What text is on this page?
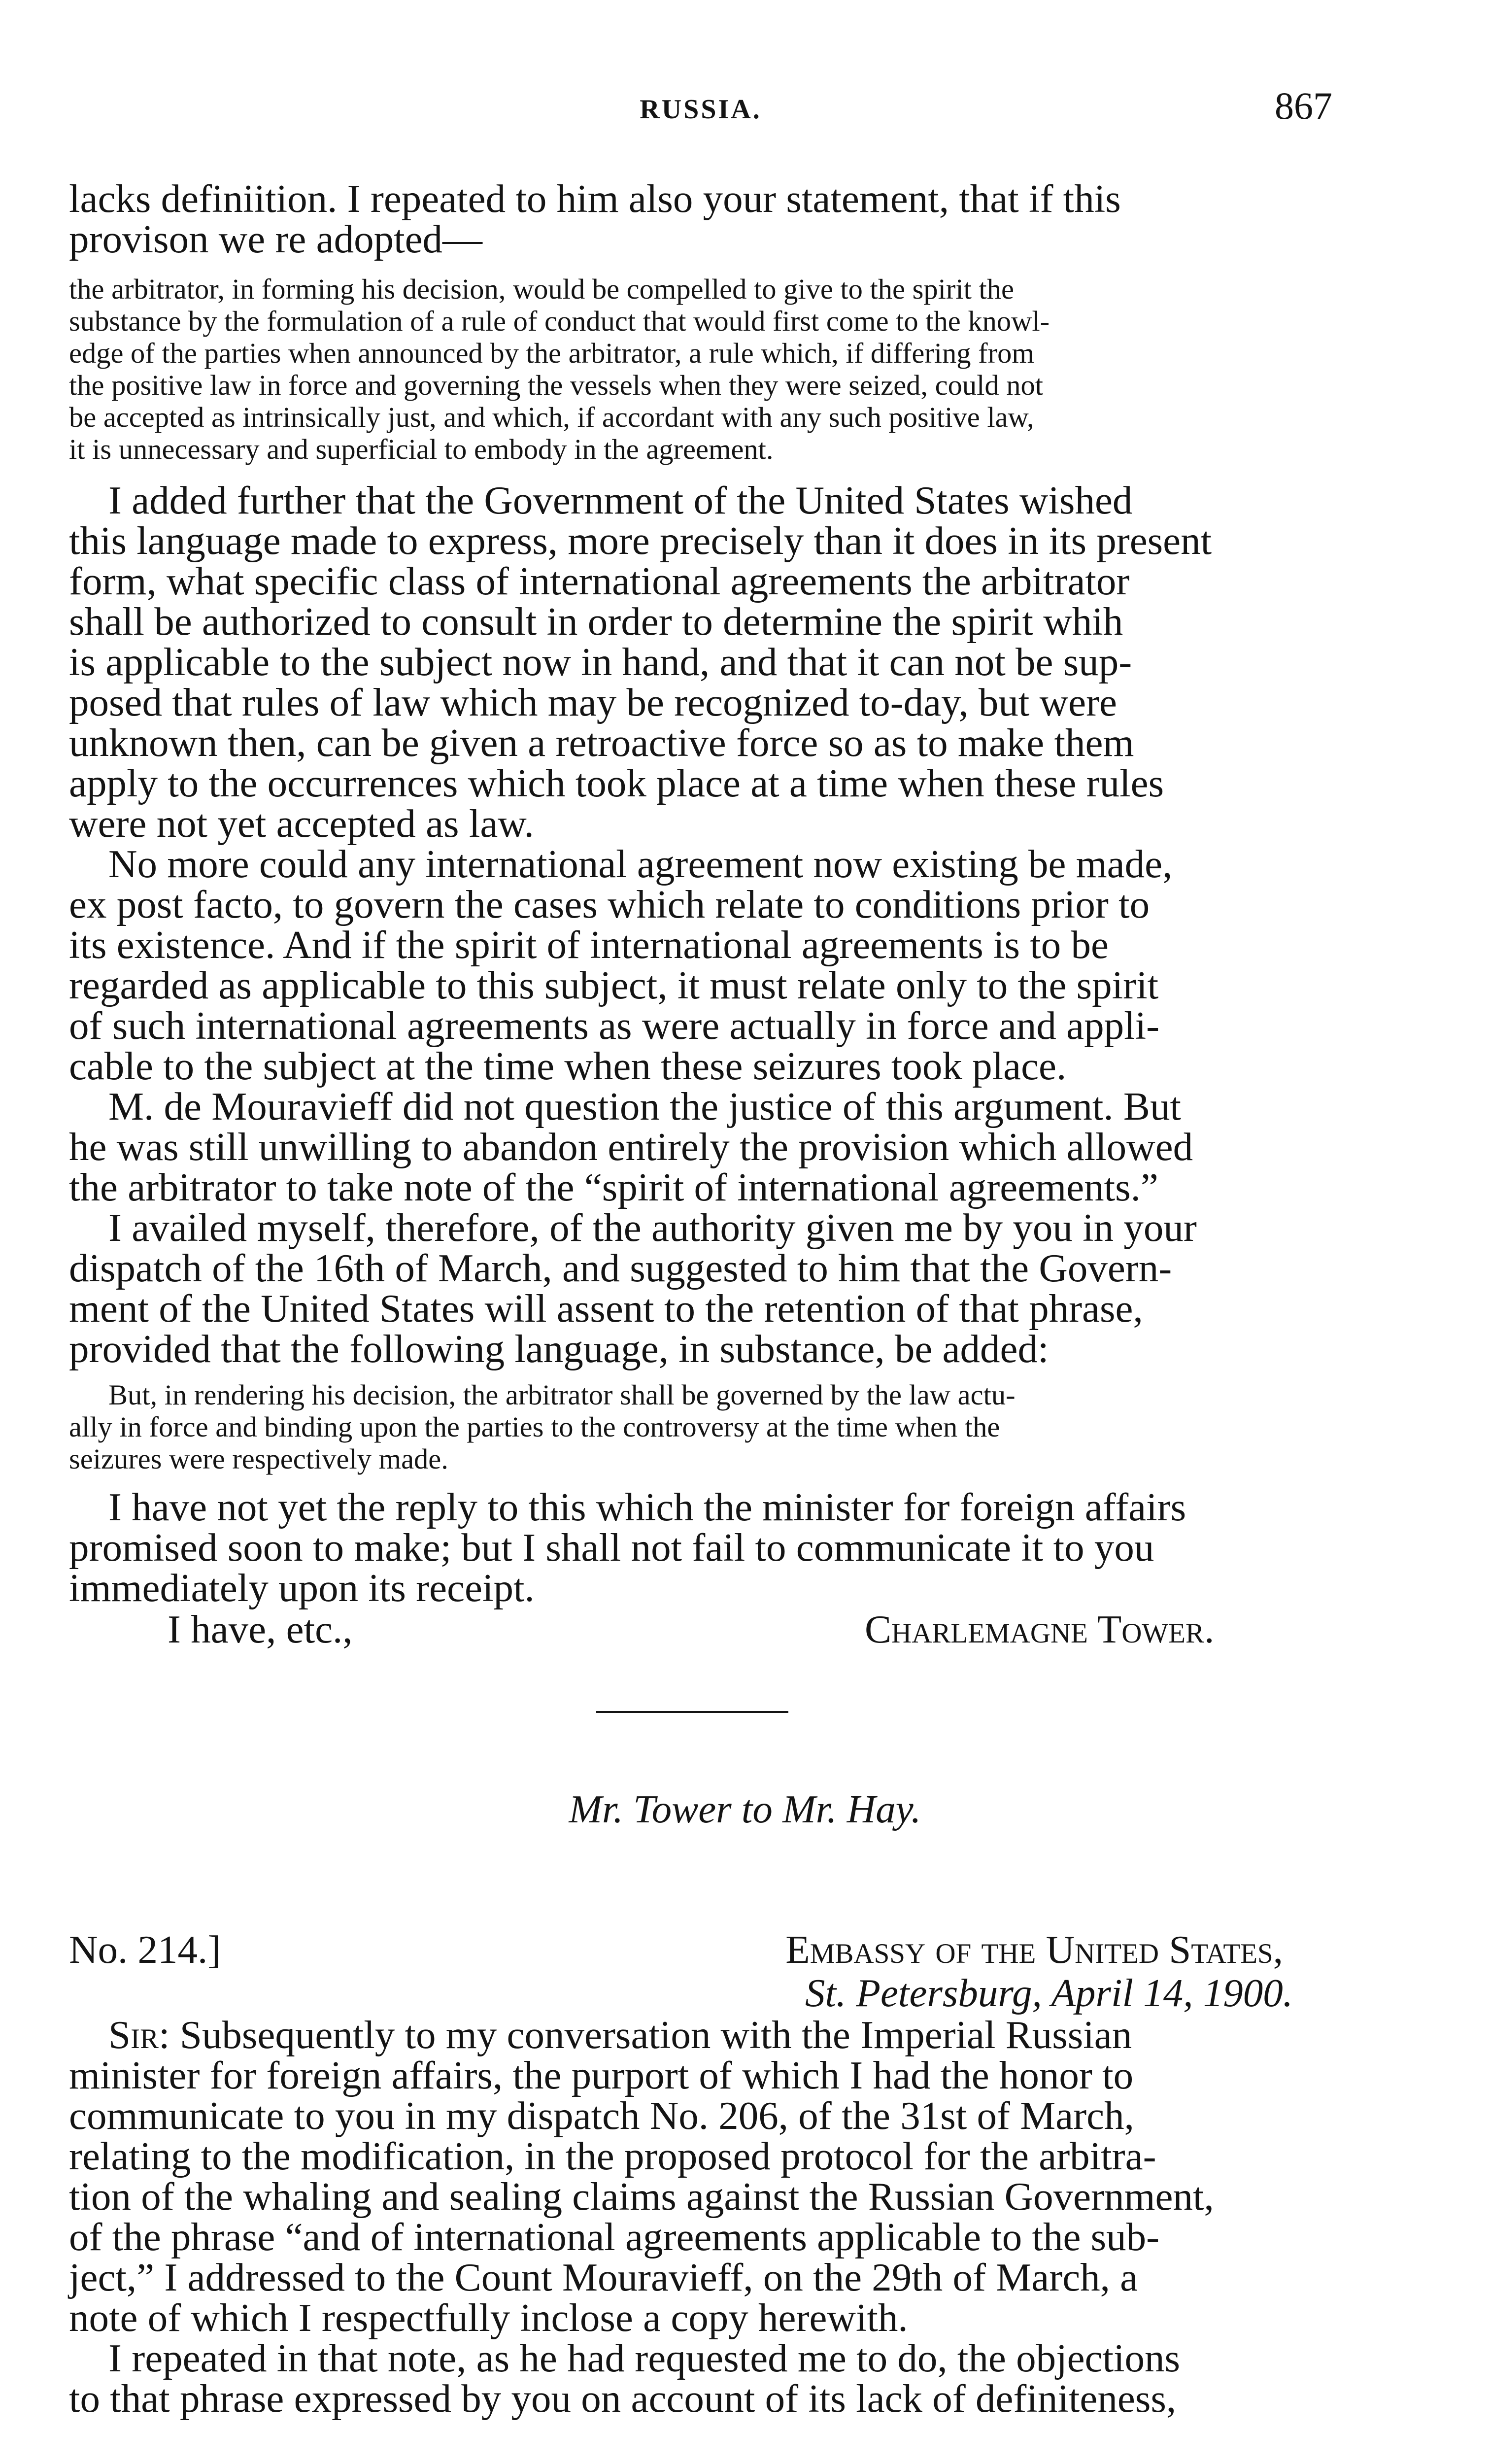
RUSSIA.	867

lacks definiition. I repeated to him also your statement, that if this
provison we re adopted—

the arbitrator, in forming his decision, would be compelled to give to the spirit the
substance by the formulation of a rule of conduct that would first come to the knowl-
edge of the parties when announced by the arbitrator, a rule which, if differing from
the positive law in force and governing the vessels when they were seized, could not
be accepted as intrinsically just, and which, if accordant with any such positive law,
it is unnecessary and superficial to embody in the agreement.

I added further that the Government of the United States wished
this language made to express, more precisely than it does in its present
form, what specific class of international agreements the arbitrator
shall be authorized to consult in order to determine the spirit whih
is applicable to the subject now in hand, and that it can not be sup-
posed that rules of law which may be recognized to-day, but were
unknown then, can be given a retroactive force so as to make them
apply to the occurrences which took place at a time when these rules
were not yet accepted as law.

No more could any international agreement now existing be made,
ex post facto, to govern the cases which relate to conditions prior to
its existence. And if the spirit of international agreements is to be
regarded as applicable to this subject, it must relate only to the spirit
of such international agreements as were actually in force and appli-
cable to the subject at the time when these seizures took place.

M. de Mouravieff did not question the justice of this argument. But
he was still unwilling to abandon entirely the provision which allowed
the arbitrator to take note of the “spirit of international agreements.”

I availed myself, therefore, of the authority given me by you in your
dispatch of the 16th of March, and suggested to him that the Govern-
ment of the United States will assent to the retention of that phrase,
provided that the following language, in substance, be added:

But, in rendering his decision, the arbitrator shall be governed by the law actu-
ally in force and binding upon the parties to the controversy at the time when the
seizures were respectively made.

I have not yet the reply to this which the minister for foreign affairs
promised soon to make; but I shall not fail to communicate it to you
immediately upon its receipt.

I have, etc.,	Charlemagne Tower.
Mr. Tower to Mr. Hay.
No. 214.]	Embassy of the United States,
St. Petersburg, April 14, 1900.

Sir: Subsequently to my conversation with the Imperial Russian
minister for foreign affairs, the purport of which I had the honor to
communicate to you in my dispatch No. 206, of the 31st of March,
relating to the modification, in the proposed protocol for the arbitra-
tion of the whaling and sealing claims against the Russian Government,
of the phrase “and of international agreements applicable to the sub-
ject,” I addressed to the Count Mouravieff, on the 29th of March, a
note of which I respectfully inclose a copy herewith.

I repeated in that note, as he had requested me to do, the objections
to that phrase expressed by you on account of its lack of definiteness,
